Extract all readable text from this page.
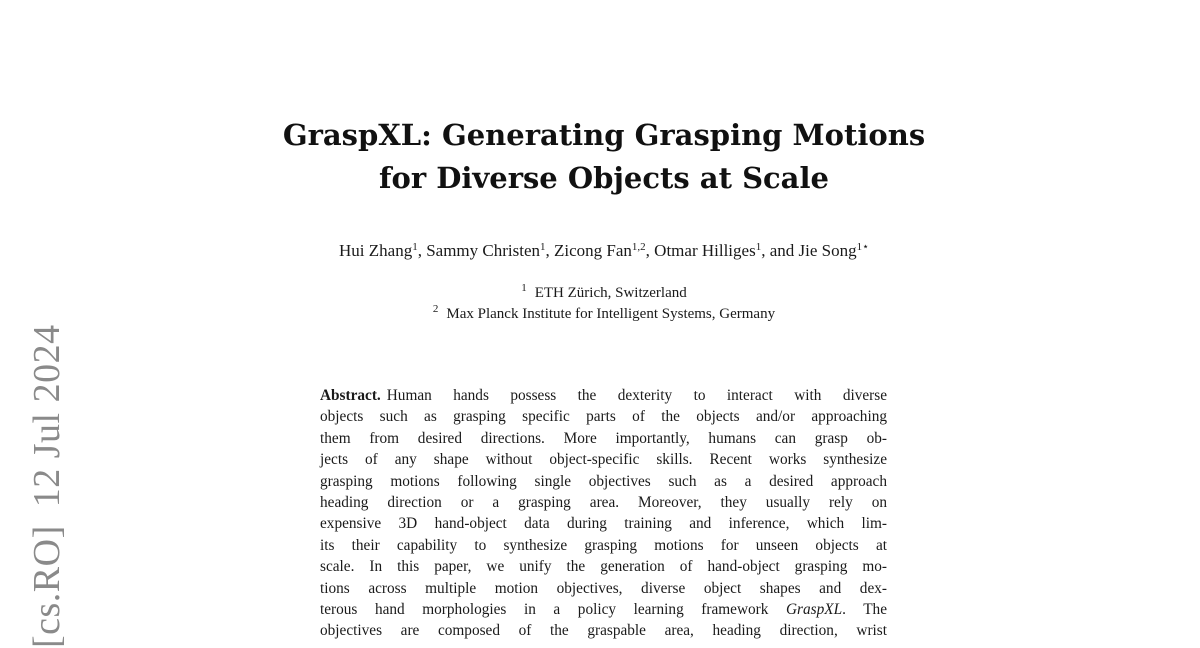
[cs.RO]12 Jul 2024
GraspXL: Generating Grasping Motions
for Diverse Objects at Scale
Hui Zhang$^1$, Sammy Christen$^1$, Zicong Fan$^{1,2}$, Otmar Hilliges$^1$, and Jie Song$^{1⋆}$
$^1$ ETH Zürich, Switzerland
$^2$ Max Planck Institute for Intelligent Systems, Germany
Abstract. Human hands possess the dexterity to interact with diverse
objects such as grasping specific parts of the objects and/or approaching
them from desired directions. More importantly, humans can grasp ob-
jects of any shape without object-specific skills. Recent works synthesize
grasping motions following single objectives such as a desired approach
heading direction or a grasping area. Moreover, they usually rely on
expensive 3D hand-object data during training and inference, which lim-
its their capability to synthesize grasping motions for unseen objects at
scale. In this paper, we unify the generation of hand-object grasping mo-
tions across multiple motion objectives, diverse object shapes and dex-
terous hand morphologies in a policy learning framework GraspXL. The
objectives are composed of the graspable area, heading direction, wrist
